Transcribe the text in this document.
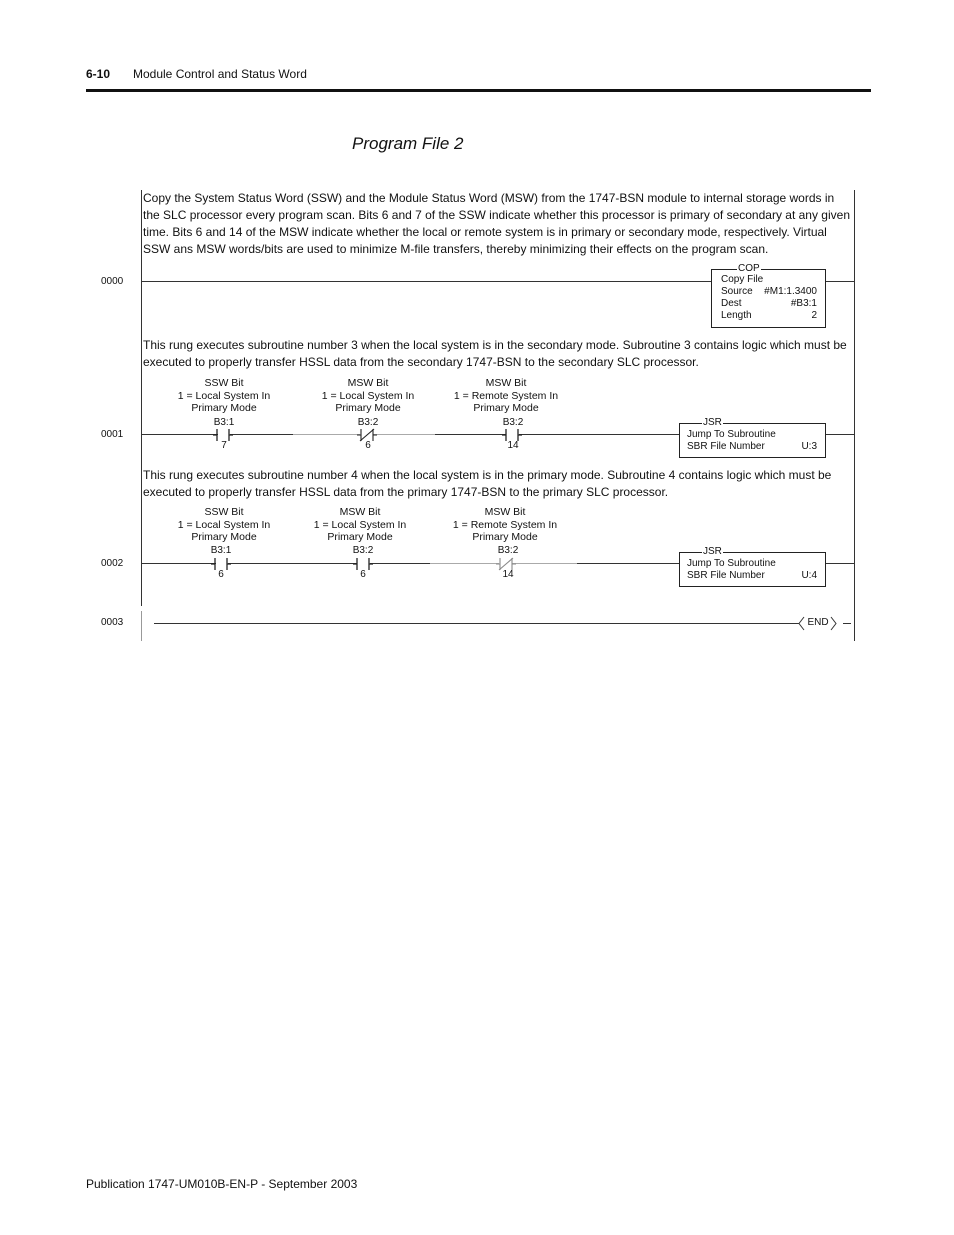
6-10 Module Control and Status Word
Program File 2
Copy the System Status Word (SSW) and the Module Status Word (MSW) from the 1747-BSN module to internal storage words in the SLC processor every program scan. Bits 6 and 7 of the SSW indicate whether this processor is primary of secondary at any given time. Bits 6 and 14 of the MSW indicate whether the local or remote system is in primary or secondary mode, respectively. Virtual SSW ans MSW words/bits are used to minimize M-file transfers, thereby minimizing their effects on the program scan.
0000	Copy File
Source #M1:1.3400
Dest	#B3:1
Length	2
COP
This rung executes subroutine number 3 when the local system is in the secondary mode. Subroutine 3 contains logic which must be executed to properly transfer HSSL data from the secondary 1747-BSN to the secondary SLC processor.
0001
SSW Bit
1 = Local System In
Primary Mode
B3:1
7
MSW Bit
1 = Local System In
Primary Mode
B3:2
6
MSW Bit
1 = Remote System In
Primary Mode
B3:2
14
Jump To Subroutine
SBR File Number	U:3
JSR
This rung executes subroutine number 4 when the local system is in the primary mode. Subroutine 4 contains logic which must be executed to properly transfer HSSL data from the primary 1747-BSN to the primary SLC processor.
0002
SSW Bit
1 = Local System In
Primary Mode
B3:1
6
MSW Bit
1 = Local System In
Primary Mode
B3:2
6
MSW Bit
1 = Remote System In
Primary Mode
B3:2
14
Jump To Subroutine
SBR File Number	U:4
JSR
0003	END
Publication 1747-UM010B-EN-P - September 2003
